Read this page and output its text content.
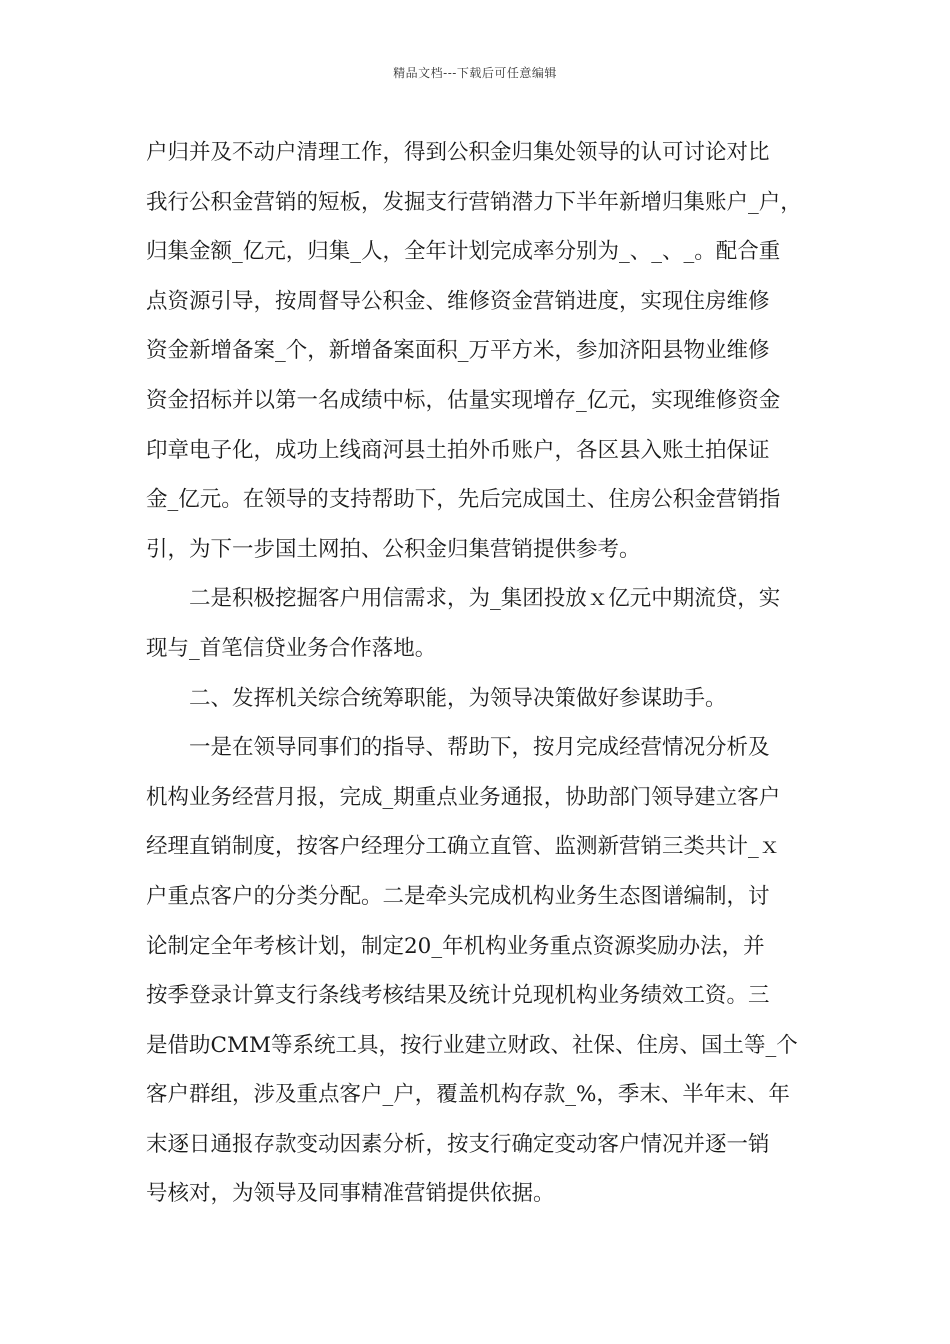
精品文档---下载后可任意编辑
户归并及不动户清理工作，得到公积金归集处领导的认可讨论对比
我行公积金营销的短板，发掘支行营销潜力下半年新增归集账户_户，
归集金额_亿元，归集_人，全年计划完成率分别为_、_、_。配合重
点资源引导，按周督导公积金、维修资金营销进度，实现住房维修
资金新增备案_个，新增备案面积_万平方米，参加济阳县物业维修
资金招标并以第一名成绩中标，估量实现增存_亿元，实现维修资金
印章电子化，成功上线商河县土拍外币账户，各区县入账土拍保证
金_亿元。在领导的支持帮助下，先后完成国土、住房公积金营销指
引，为下一步国土网拍、公积金归集营销提供参考。
二是积极挖掘客户用信需求，为_集团投放ｘ亿元中期流贷，实
现与_首笔信贷业务合作落地。
二、发挥机关综合统筹职能，为领导决策做好参谋助手。
一是在领导同事们的指导、帮助下，按月完成经营情况分析及
机构业务经营月报，完成_期重点业务通报，协助部门领导建立客户
经理直销制度，按客户经理分工确立直管、监测新营销三类共计_ｘ
户重点客户的分类分配。二是牵头完成机构业务生态图谱编制，讨
论制定全年考核计划，制定20_年机构业务重点资源奖励办法，并
按季登录计算支行条线考核结果及统计兑现机构业务绩效工资。三
是借助CMM等系统工具，按行业建立财政、社保、住房、国土等_个
客户群组，涉及重点客户_户，覆盖机构存款_%，季末、半年末、年
末逐日通报存款变动因素分析，按支行确定变动客户情况并逐一销
号核对，为领导及同事精准营销提供依据。
